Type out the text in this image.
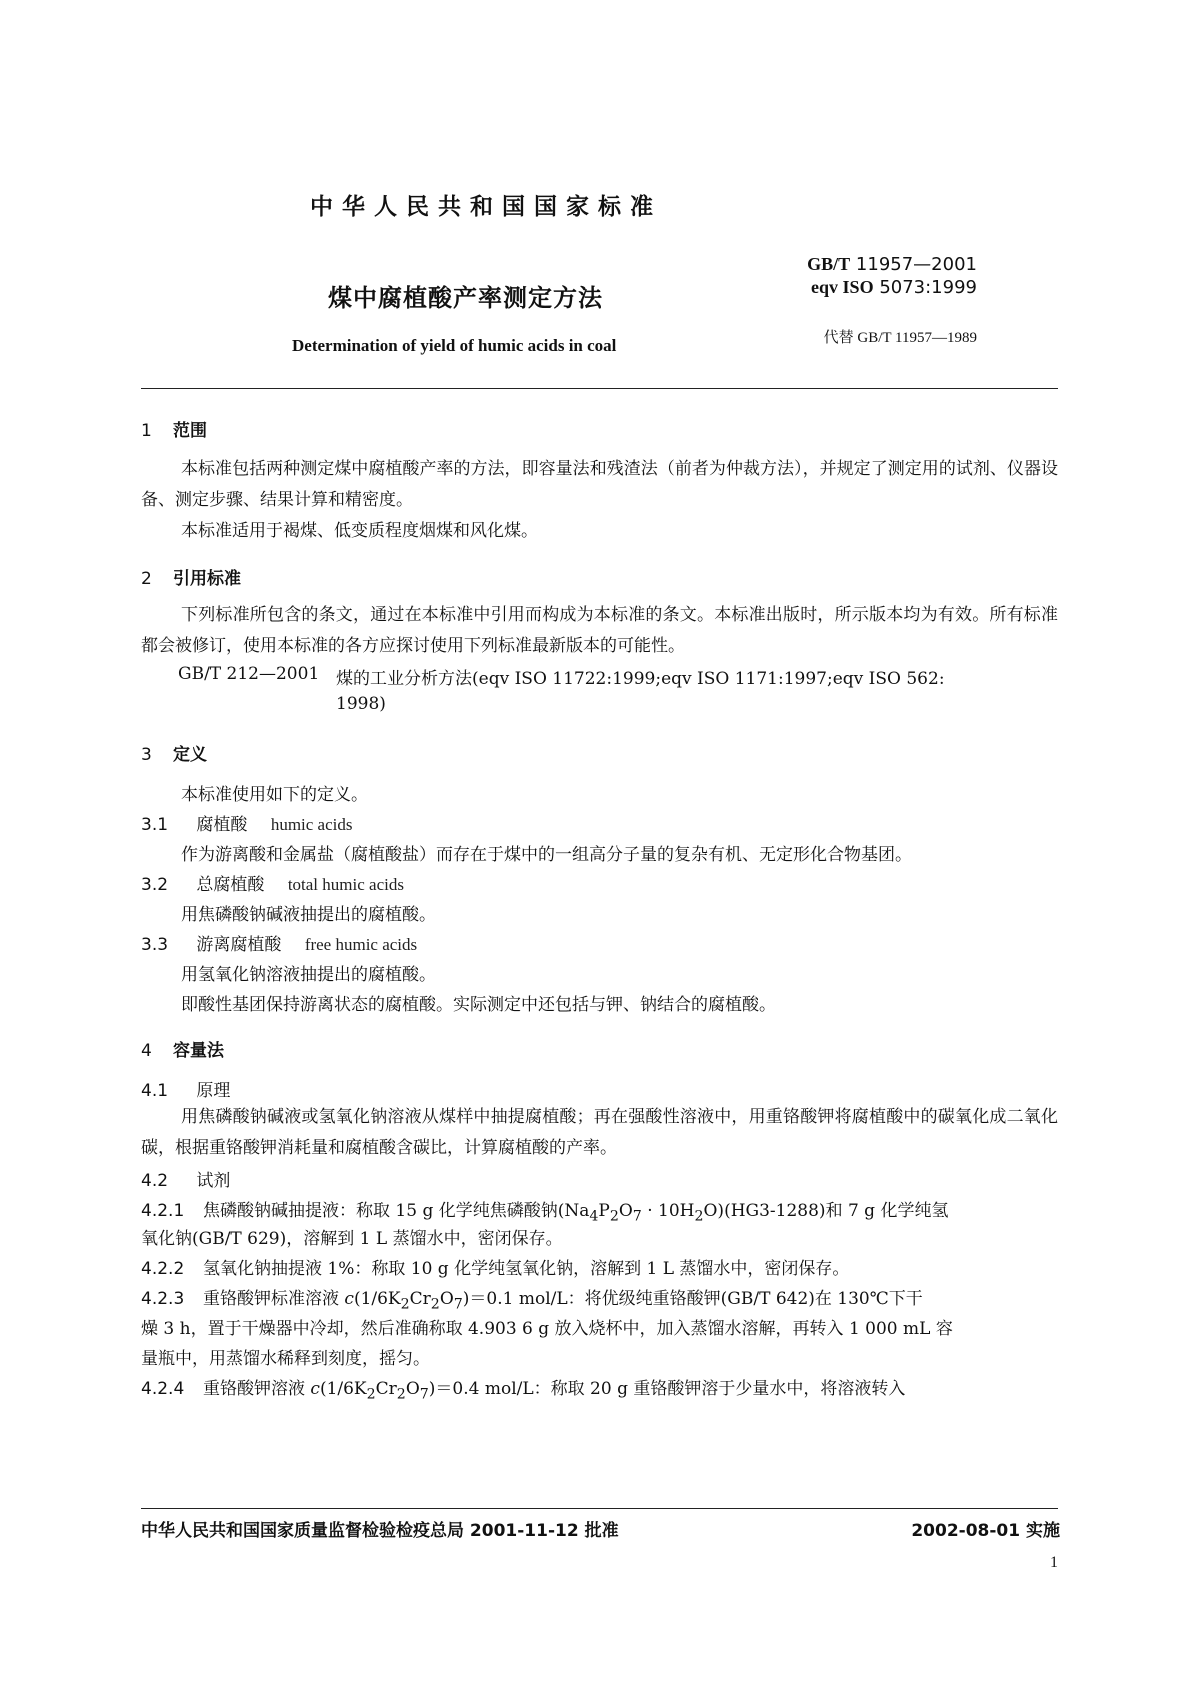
中华人民共和国国家标准
煤中腐植酸产率测定方法
Determination of yield of humic acids in coal
GB/T 11957—2001
eqv ISO 5073:1999
代替 GB/T 11957—1989
1 范围
本标准包括两种测定煤中腐植酸产率的方法，即容量法和残渣法（前者为仲裁方法），并规定了测定用的试剂、仪器设备、测定步骤、结果计算和精密度。
本标准适用于褐煤、低变质程度烟煤和风化煤。
2 引用标准
下列标准所包含的条文，通过在本标准中引用而构成为本标准的条文。本标准出版时，所示版本均为有效。所有标准都会被修订，使用本标准的各方应探讨使用下列标准最新版本的可能性。
GB/T 212—2001 煤的工业分析方法(eqv ISO 11722:1999;eqv ISO 1171:1997;eqv ISO 562:
1998)
3 定义
本标准使用如下的定义。
3.1 腐植酸 humic acids
作为游离酸和金属盐（腐植酸盐）而存在于煤中的一组高分子量的复杂有机、无定形化合物基团。
3.2 总腐植酸 total humic acids
用焦磷酸钠碱液抽提出的腐植酸。
3.3 游离腐植酸 free humic acids
用氢氧化钠溶液抽提出的腐植酸。
即酸性基团保持游离状态的腐植酸。实际测定中还包括与钾、钠结合的腐植酸。
4 容量法
4.1 原理
用焦磷酸钠碱液或氢氧化钠溶液从煤样中抽提腐植酸；再在强酸性溶液中，用重铬酸钾将腐植酸中的碳氧化成二氧化碳，根据重铬酸钾消耗量和腐植酸含碳比，计算腐植酸的产率。
4.2 试剂
4.2.1 焦磷酸钠碱抽提液：称取 15 g 化学纯焦磷酸钠$(Na_4P_2O_7 \cdot 10H_2O)(HG3-1288)$和 7 g 化学纯氢
氧化钠(GB/T 629)，溶解到 1 L 蒸馏水中，密闭保存。
4.2.2 氢氧化钠抽提液 1%：称取 10 g 化学纯氢氧化钠，溶解到 1 L 蒸馏水中，密闭保存。
4.2.3 重铬酸钾标准溶液 $c(1/6K_2Cr_2O_7)=0.1$ mol/L：将优级纯重铬酸钾(GB/T 642)在 130℃下干
燥 3 h，置于干燥器中冷却，然后准确称取 4.903 6 g 放入烧杯中，加入蒸馏水溶解，再转入 1 000 mL 容
量瓶中，用蒸馏水稀释到刻度，摇匀。
4.2.4 重铬酸钾溶液 $c(1/6K_2Cr_2O_7)=0.4$ mol/L：称取 20 g 重铬酸钾溶于少量水中，将溶液转入
中华人民共和国国家质量监督检验检疫总局 2001-11-12 批准	2002-08-01 实施
1
